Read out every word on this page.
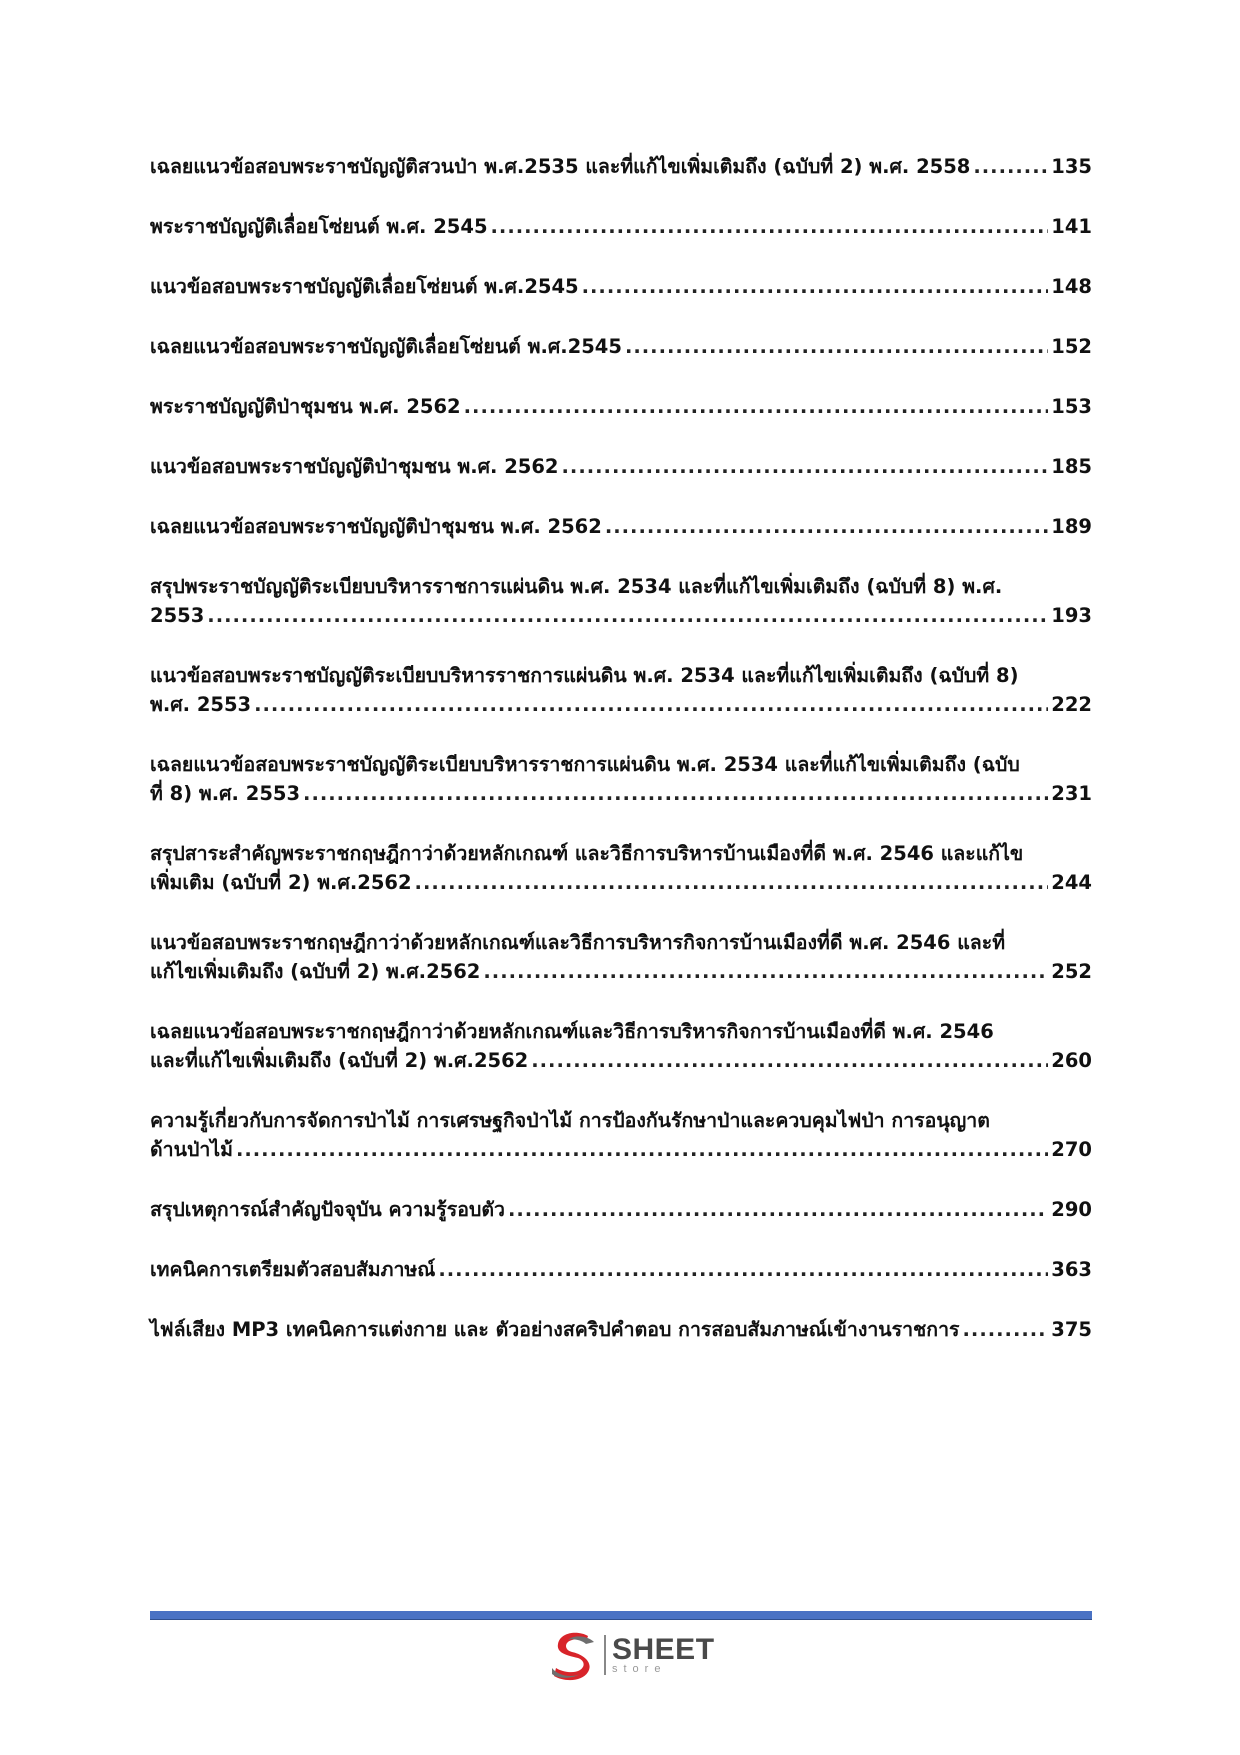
เฉลยแนวข้อสอบพระราชบัญญัติสวนป่า พ.ศ.2535 และที่แก้ไขเพิ่มเติมถึง (ฉบับที่ 2) พ.ศ. 2558 .....	135
พระราชบัญญัติเลื่อยโซ่ยนต์ พ.ศ. 2545 .....	141
แนวข้อสอบพระราชบัญญัติเลื่อยโซ่ยนต์ พ.ศ.2545 .....	148
เฉลยแนวข้อสอบพระราชบัญญัติเลื่อยโซ่ยนต์ พ.ศ.2545 .....	152
พระราชบัญญัติป่าชุมชน พ.ศ. 2562 .....	153
แนวข้อสอบพระราชบัญญัติป่าชุมชน พ.ศ. 2562 .....	185
เฉลยแนวข้อสอบพระราชบัญญัติป่าชุมชน พ.ศ. 2562 .....	189
สรุปพระราชบัญญัติระเบียบบริหารราชการแผ่นดิน พ.ศ. 2534 และที่แก้ไขเพิ่มเติมถึง (ฉบับที่ 8) พ.ศ.
2553 .....	193
แนวข้อสอบพระราชบัญญัติระเบียบบริหารราชการแผ่นดิน พ.ศ. 2534 และที่แก้ไขเพิ่มเติมถึง (ฉบับที่ 8)
พ.ศ. 2553 .....	222
เฉลยแนวข้อสอบพระราชบัญญัติระเบียบบริหารราชการแผ่นดิน พ.ศ. 2534 และที่แก้ไขเพิ่มเติมถึง (ฉบับ
ที่ 8) พ.ศ. 2553 .....	231
สรุปสาระสำคัญพระราชกฤษฎีกาว่าด้วยหลักเกณฑ์ และวิธีการบริหารบ้านเมืองที่ดี พ.ศ. 2546 และแก้ไข
เพิ่มเติม (ฉบับที่ 2) พ.ศ.2562 .....	244
แนวข้อสอบพระราชกฤษฎีกาว่าด้วยหลักเกณฑ์และวิธีการบริหารกิจการบ้านเมืองที่ดี พ.ศ. 2546 และที่
แก้ไขเพิ่มเติมถึง (ฉบับที่ 2) พ.ศ.2562 .....	252
เฉลยแนวข้อสอบพระราชกฤษฎีกาว่าด้วยหลักเกณฑ์และวิธีการบริหารกิจการบ้านเมืองที่ดี พ.ศ. 2546
และที่แก้ไขเพิ่มเติมถึง (ฉบับที่ 2) พ.ศ.2562 .....	260
ความรู้เกี่ยวกับการจัดการป่าไม้ การเศรษฐกิจป่าไม้ การป้องกันรักษาป่าและควบคุมไฟป่า การอนุญาต
ด้านป่าไม้ .....	270
สรุปเหตุการณ์สำคัญปัจจุบัน ความรู้รอบตัว .....	290
เทคนิคการเตรียมตัวสอบสัมภาษณ์ .....	363
ไฟล์เสียง MP3 เทคนิคการแต่งกาย และ ตัวอย่างสคริปคำตอบ การสอบสัมภาษณ์เข้างานราชการ .....	375
SHEET
store
